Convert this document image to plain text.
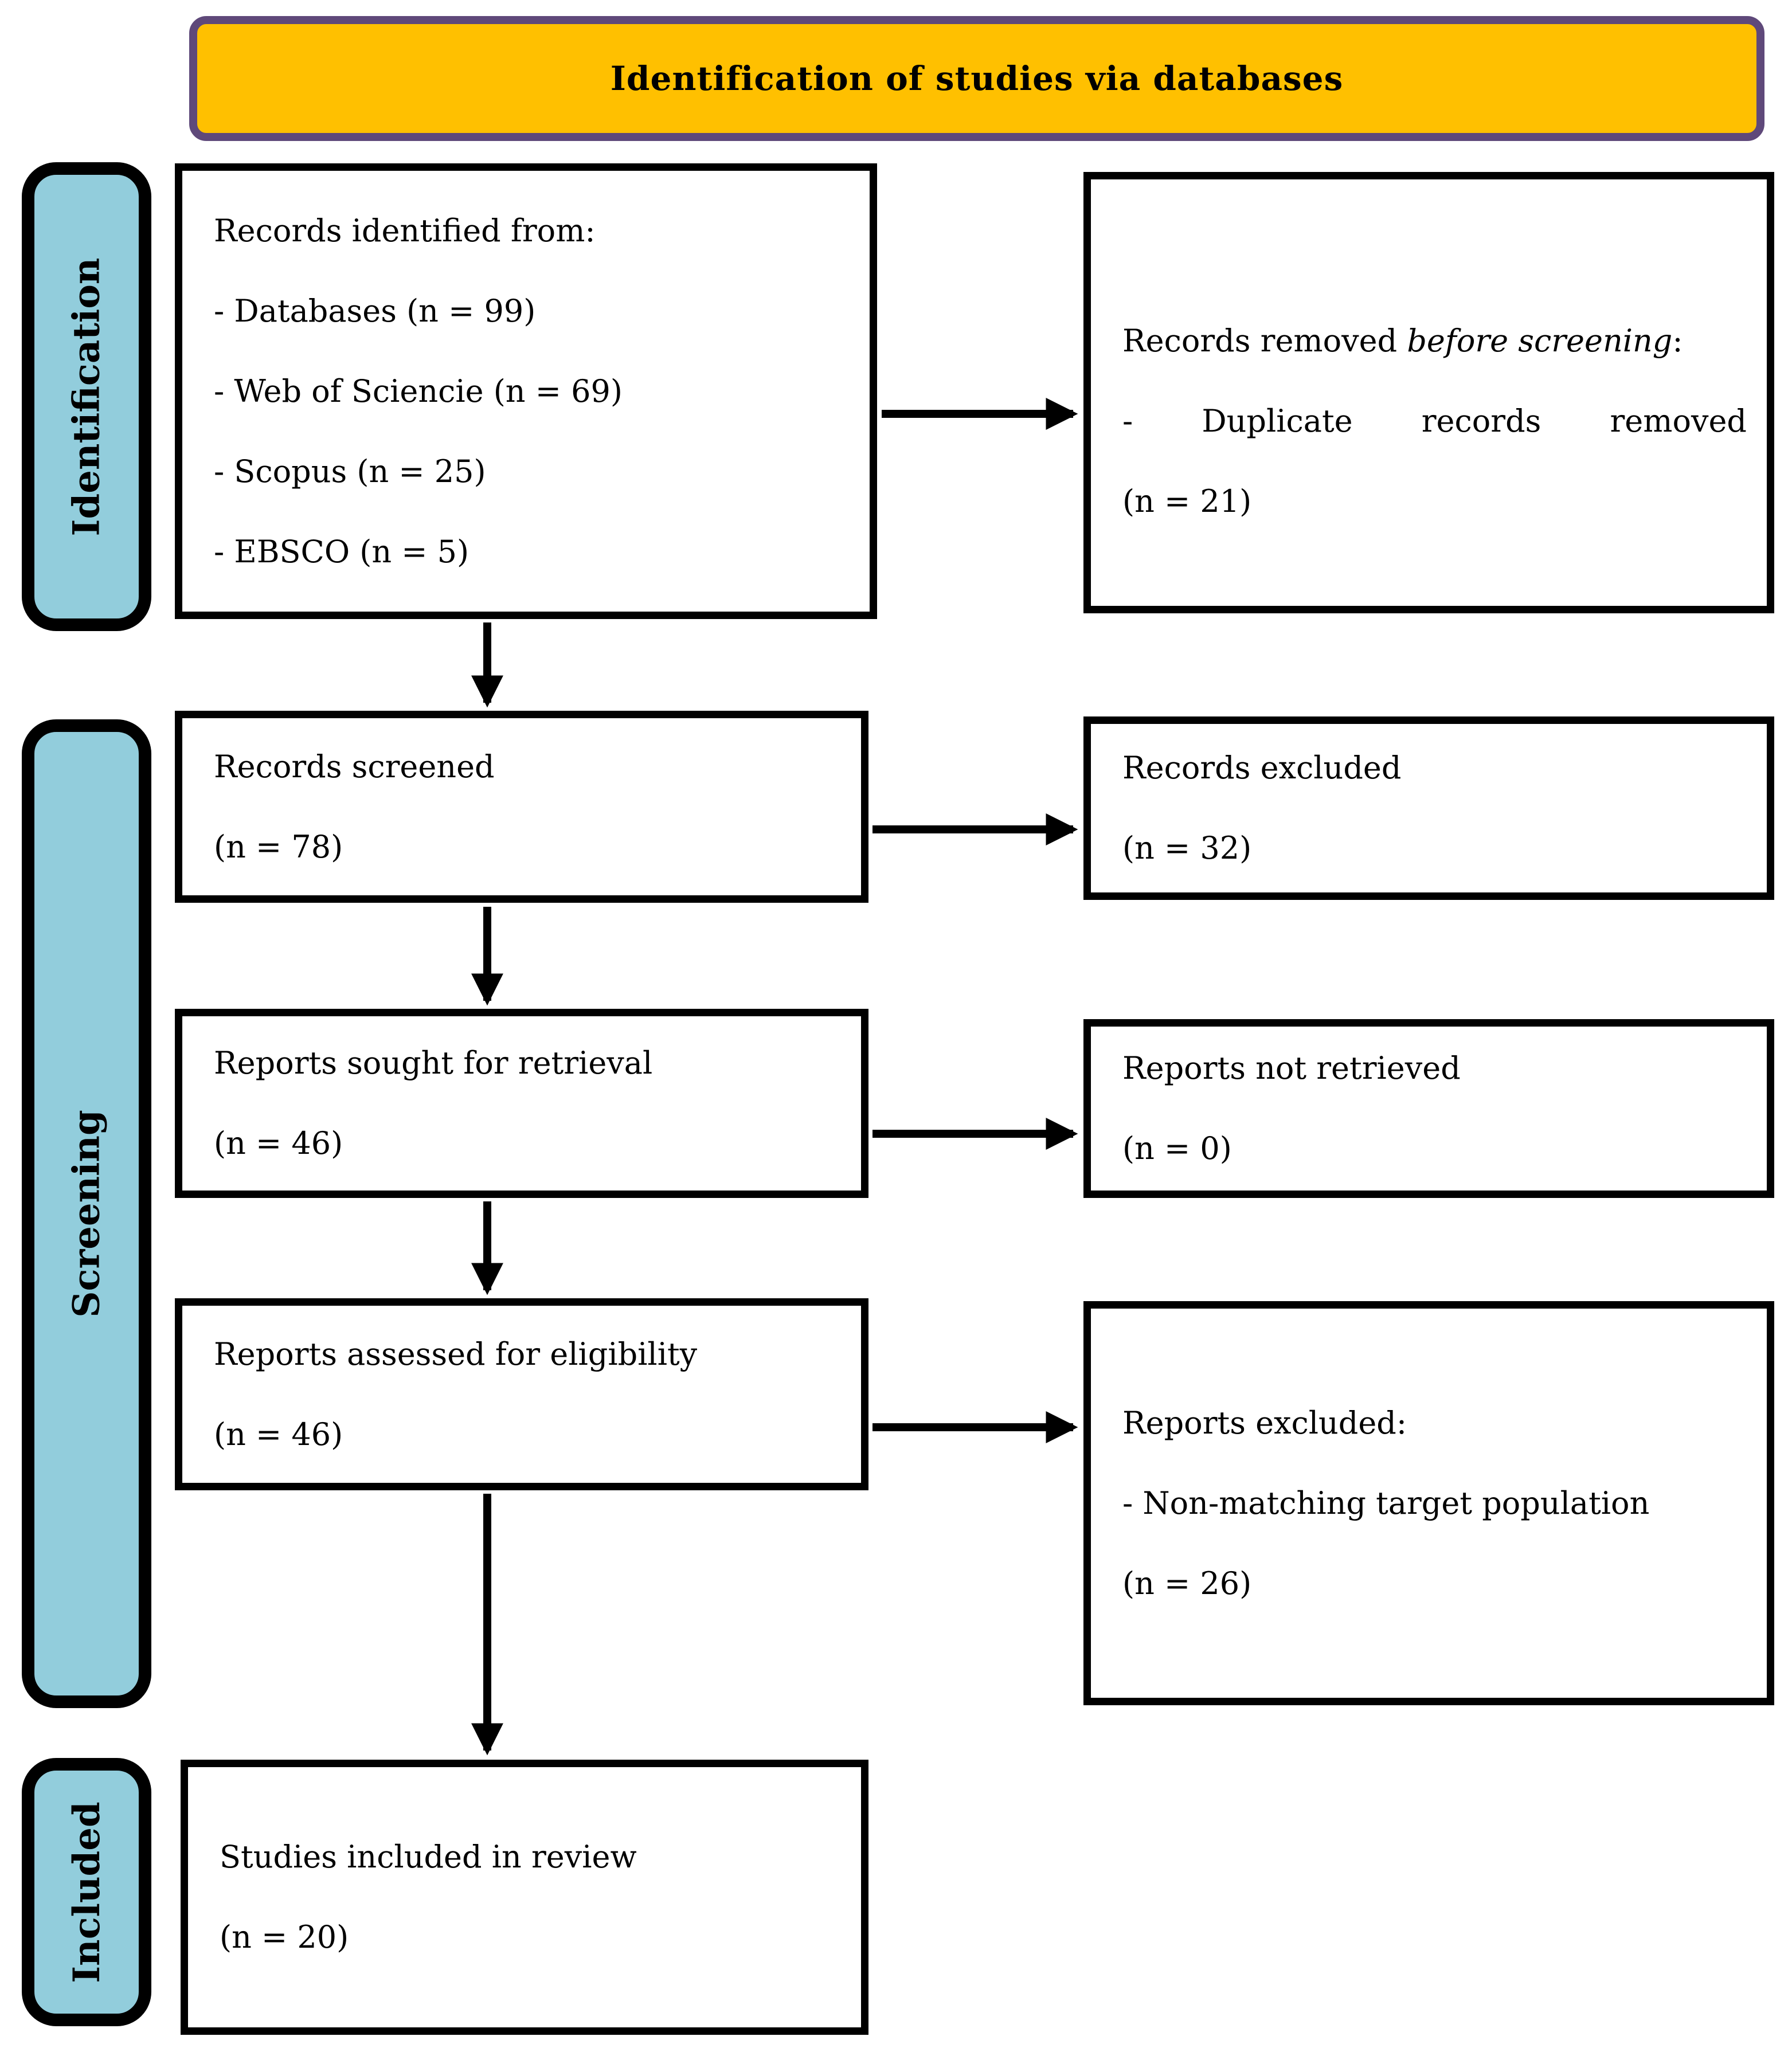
Identification of studies via databases
Identification
Screening
Included
Records identified from:
- Databases (n = 99)
- Web of Sciencie (n = 69)
- Scopus (n = 25)
- EBSCO (n = 5)
Records screened
(n = 78)
Reports sought for retrieval
(n = 46)
Reports assessed for eligibility
(n = 46)
Studies included in review
(n = 20)
Records removed before screening:
- Duplicate records removed
(n = 21)
Records excluded
(n = 32)
Reports not retrieved
(n = 0)
Reports excluded:
- Non-matching target population
(n = 26)
